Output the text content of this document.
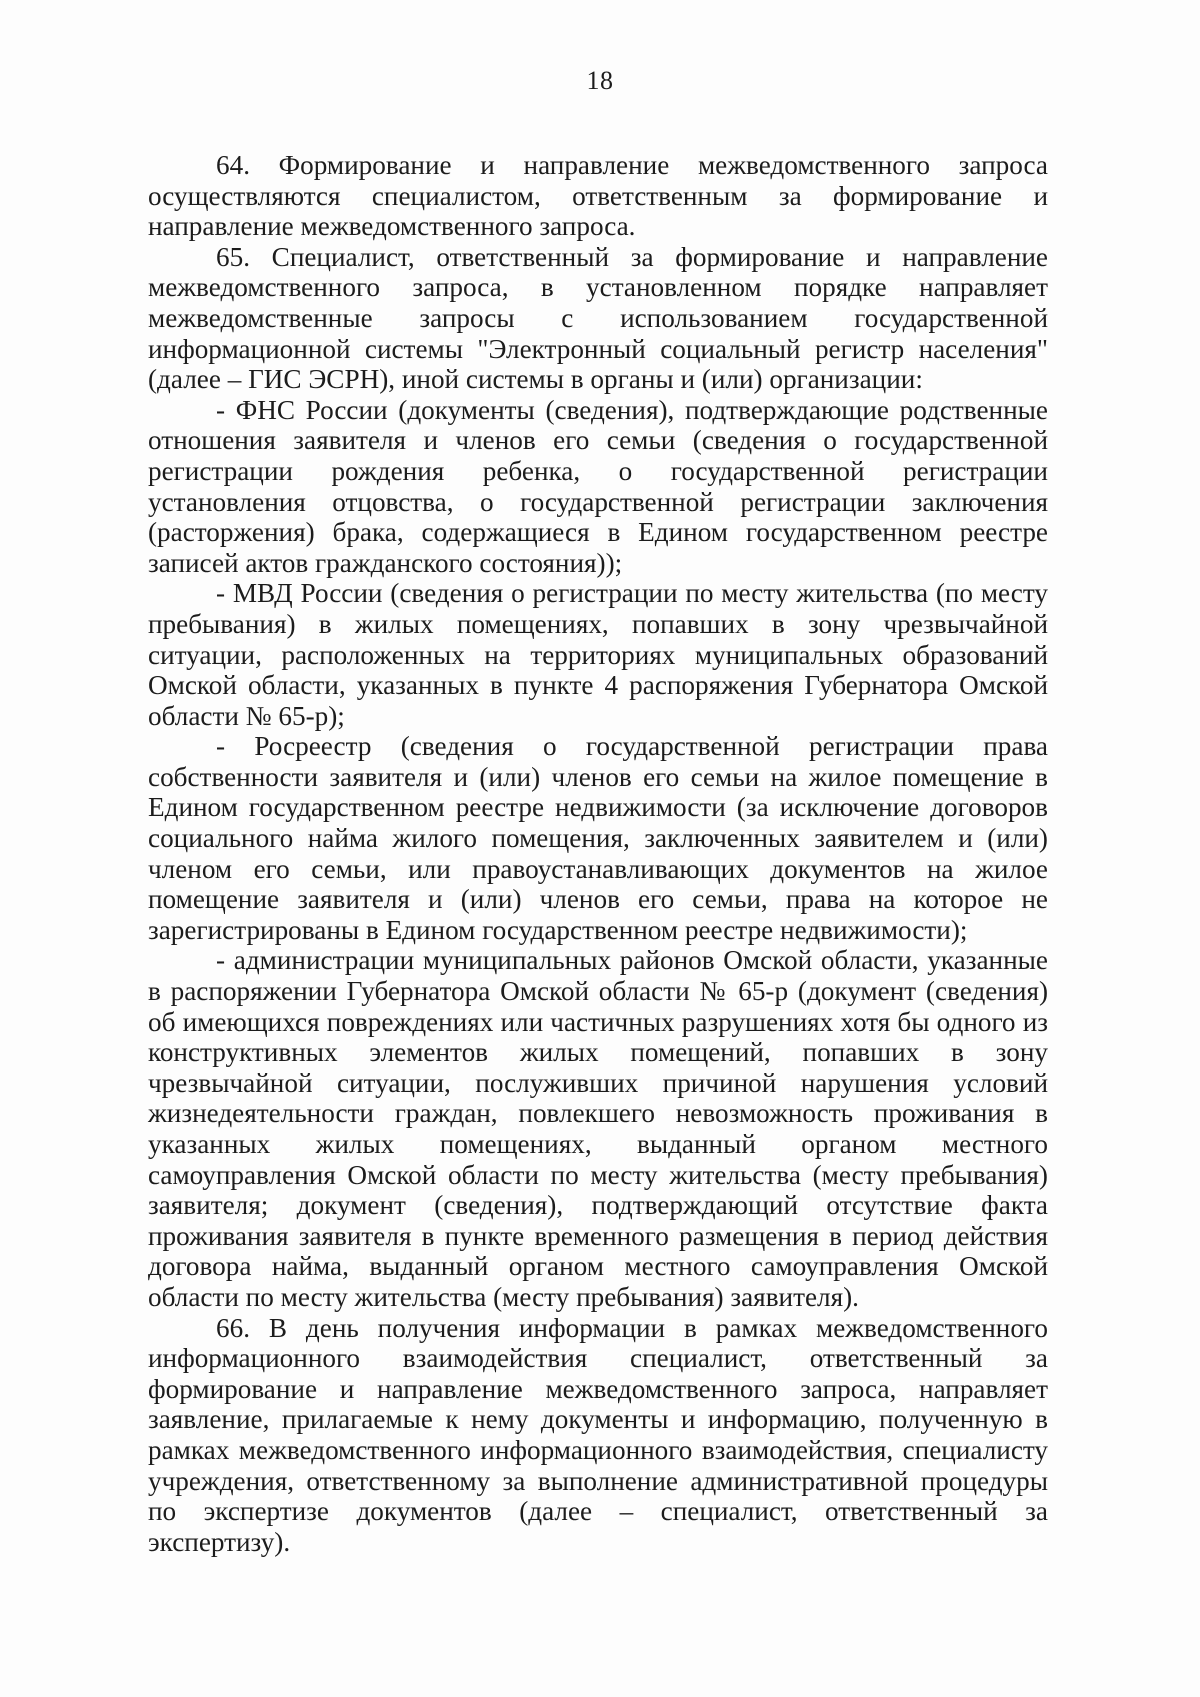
18

64. Формирование и направление межведомственного запроса осуществляются специалистом, ответственным за формирование и направление межведомственного запроса.

65. Специалист, ответственный за формирование и направление межведомственного запроса, в установленном порядке направляет межведомственные запросы с использованием государственной информационной системы "Электронный социальный регистр населения" (далее – ГИС ЭСРН), иной системы в органы и (или) организации:

- ФНС России (документы (сведения), подтверждающие родственные отношения заявителя и членов его семьи (сведения о государственной регистрации рождения ребенка, о государственной регистрации установления отцовства, о государственной регистрации заключения (расторжения) брака, содержащиеся в Едином государственном реестре записей актов гражданского состояния));

- МВД России (сведения о регистрации по месту жительства (по месту пребывания) в жилых помещениях, попавших в зону чрезвычайной ситуации, расположенных на территориях муниципальных образований Омской области, указанных в пункте 4 распоряжения Губернатора Омской области № 65-р);

- Росреестр (сведения о государственной регистрации права собственности заявителя и (или) членов его семьи на жилое помещение в Едином государственном реестре недвижимости (за исключение договоров социального найма жилого помещения, заключенных заявителем и (или) членом его семьи, или правоустанавливающих документов на жилое помещение заявителя и (или) членов его семьи, права на которое не зарегистрированы в Едином государственном реестре недвижимости);

- администрации муниципальных районов Омской области, указанные в распоряжении Губернатора Омской области № 65-р (документ (сведения) об имеющихся повреждениях или частичных разрушениях хотя бы одного из конструктивных элементов жилых помещений, попавших в зону чрезвычайной ситуации, послуживших причиной нарушения условий жизнедеятельности граждан, повлекшего невозможность проживания в указанных жилых помещениях, выданный органом местного самоуправления Омской области по месту жительства (месту пребывания) заявителя; документ (сведения), подтверждающий отсутствие факта проживания заявителя в пункте временного размещения в период действия договора найма, выданный органом местного самоуправления Омской области по месту жительства (месту пребывания) заявителя).

66. В день получения информации в рамках межведомственного информационного взаимодействия специалист, ответственный за формирование и направление межведомственного запроса, направляет заявление, прилагаемые к нему документы и информацию, полученную в рамках межведомственного информационного взаимодействия, специалисту учреждения, ответственному за выполнение административной процедуры по экспертизе документов (далее – специалист, ответственный за экспертизу).
